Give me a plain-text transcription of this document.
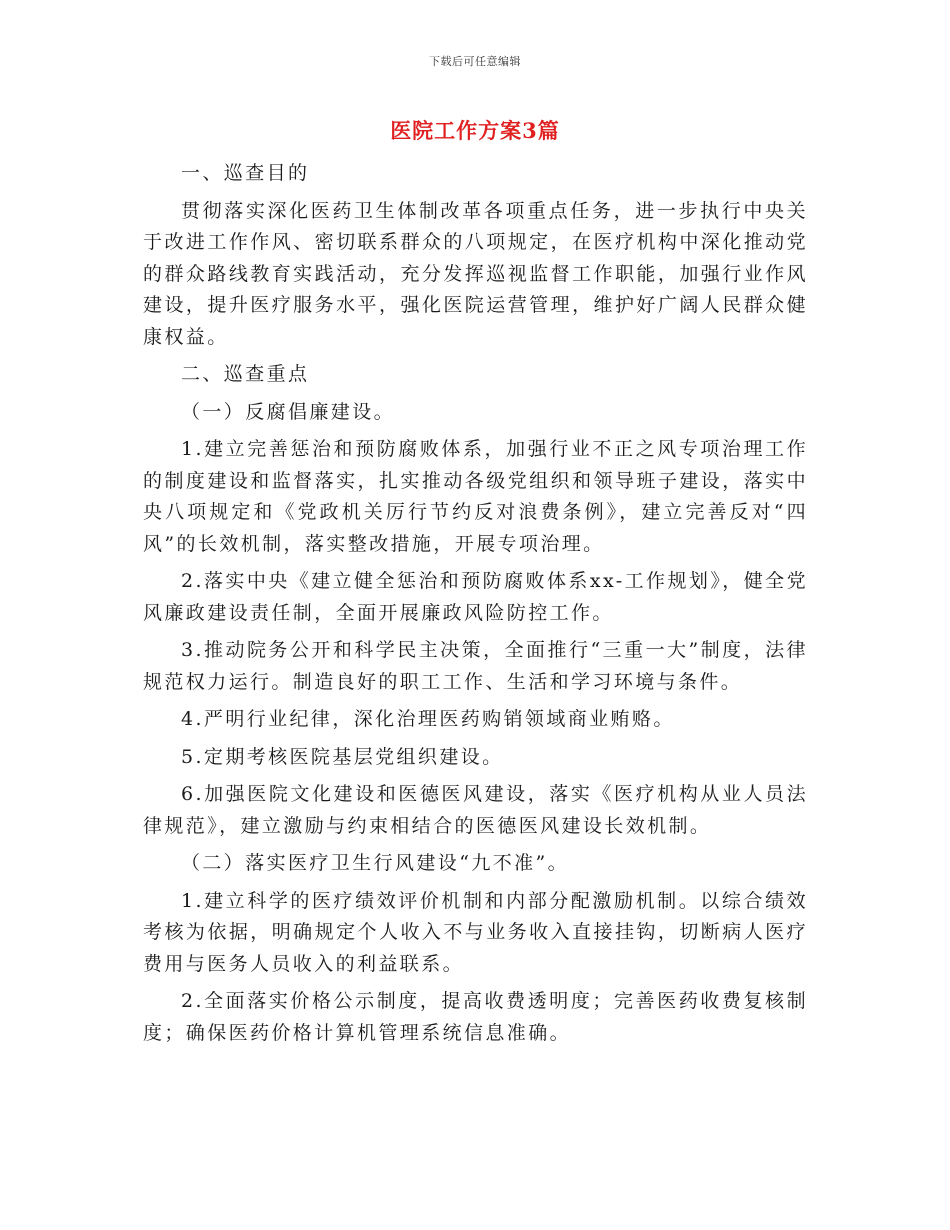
下载后可任意编辑
医院工作方案3篇

一、巡查目的

贯彻落实深化医药卫生体制改革各项重点任务，进一步执行中央关于改进工作作风、密切联系群众的八项规定，在医疗机构中深化推动党的群众路线教育实践活动，充分发挥巡视监督工作职能，加强行业作风建设，提升医疗服务水平，强化医院运营管理，维护好广阔人民群众健康权益。

二、巡查重点

（一）反腐倡廉建设。

1.建立完善惩治和预防腐败体系，加强行业不正之风专项治理工作的制度建设和监督落实，扎实推动各级党组织和领导班子建设，落实中央八项规定和《党政机关厉行节约反对浪费条例》，建立完善反对“四风”的长效机制，落实整改措施，开展专项治理。

2.落实中央《建立健全惩治和预防腐败体系xx-工作规划》，健全党风廉政建设责任制，全面开展廉政风险防控工作。

3.推动院务公开和科学民主决策，全面推行“三重一大”制度，法律规范权力运行。制造良好的职工工作、生活和学习环境与条件。

4.严明行业纪律，深化治理医药购销领域商业贿赂。

5.定期考核医院基层党组织建设。

6.加强医院文化建设和医德医风建设，落实《医疗机构从业人员法律规范》，建立激励与约束相结合的医德医风建设长效机制。

（二）落实医疗卫生行风建设“九不准”。

1.建立科学的医疗绩效评价机制和内部分配激励机制。以综合绩效考核为依据，明确规定个人收入不与业务收入直接挂钩，切断病人医疗费用与医务人员收入的利益联系。

2.全面落实价格公示制度，提高收费透明度；完善医药收费复核制度；确保医药价格计算机管理系统信息准确。
